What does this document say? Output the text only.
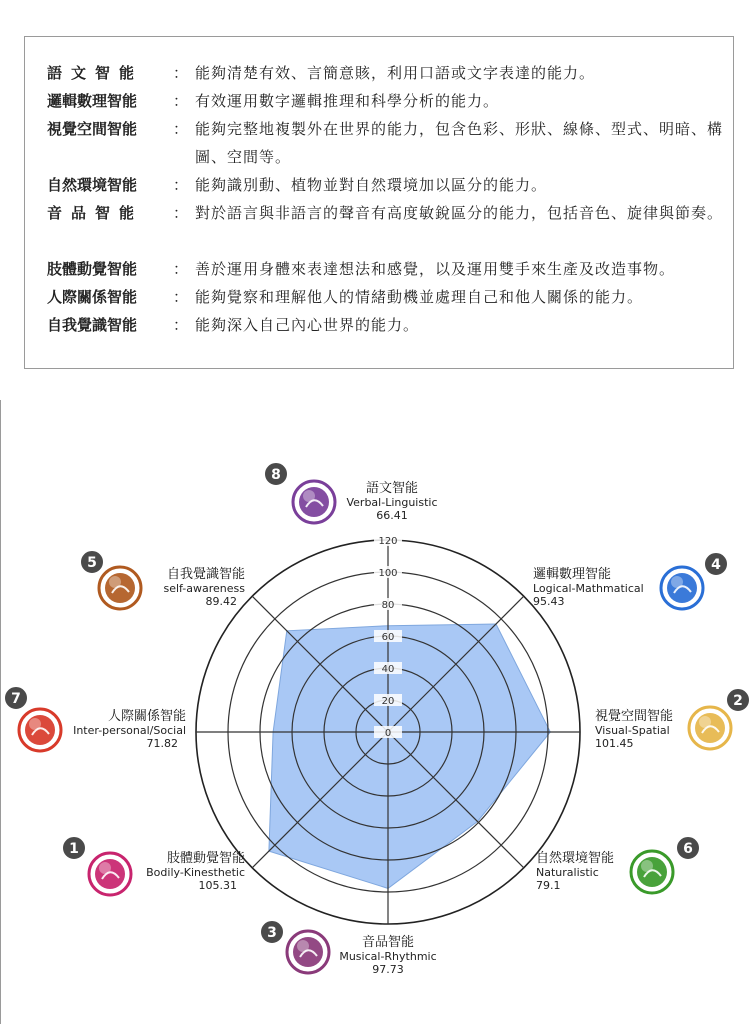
語文智能	： 能夠清楚有效、言簡意賅，利用口語或文字表達的能力。
邏輯數理智能	： 有效運用數字邏輯推理和科學分析的能力。
視覺空間智能	： 能夠完整地複製外在世界的能力，包含色彩、形狀、線條、型式、明暗、構圖、空間等。
自然環境智能	： 能夠識別動、植物並對自然環境加以區分的能力。
音品智能	： 對於語言與非語言的聲音有高度敏銳區分的能力，包括音色、旋律與節奏。
肢體動覺智能	： 善於運用身體來表達想法和感覺，以及運用雙手來生產及改造事物。
人際關係智能	： 能夠覺察和理解他人的情緒動機並處理自己和他人關係的能力。
自我覺識智能	： 能夠深入自己內心世界的能力。
0
20
40
60
80
100
120
語文智能
Verbal-Linguistic
66.41
8
邏輯數理智能
Logical-Mathmatical
95.43
4
視覺空間智能
Visual-Spatial
101.45
2
自然環境智能
Naturalistic
79.1
6
音品智能
Musical-Rhythmic
97.73
3
肢體動覺智能
Bodily-Kinesthetic
105.31
1
人際關係智能
Inter-personal/Social
71.82
7
自我覺識智能
self-awareness
89.42
5
